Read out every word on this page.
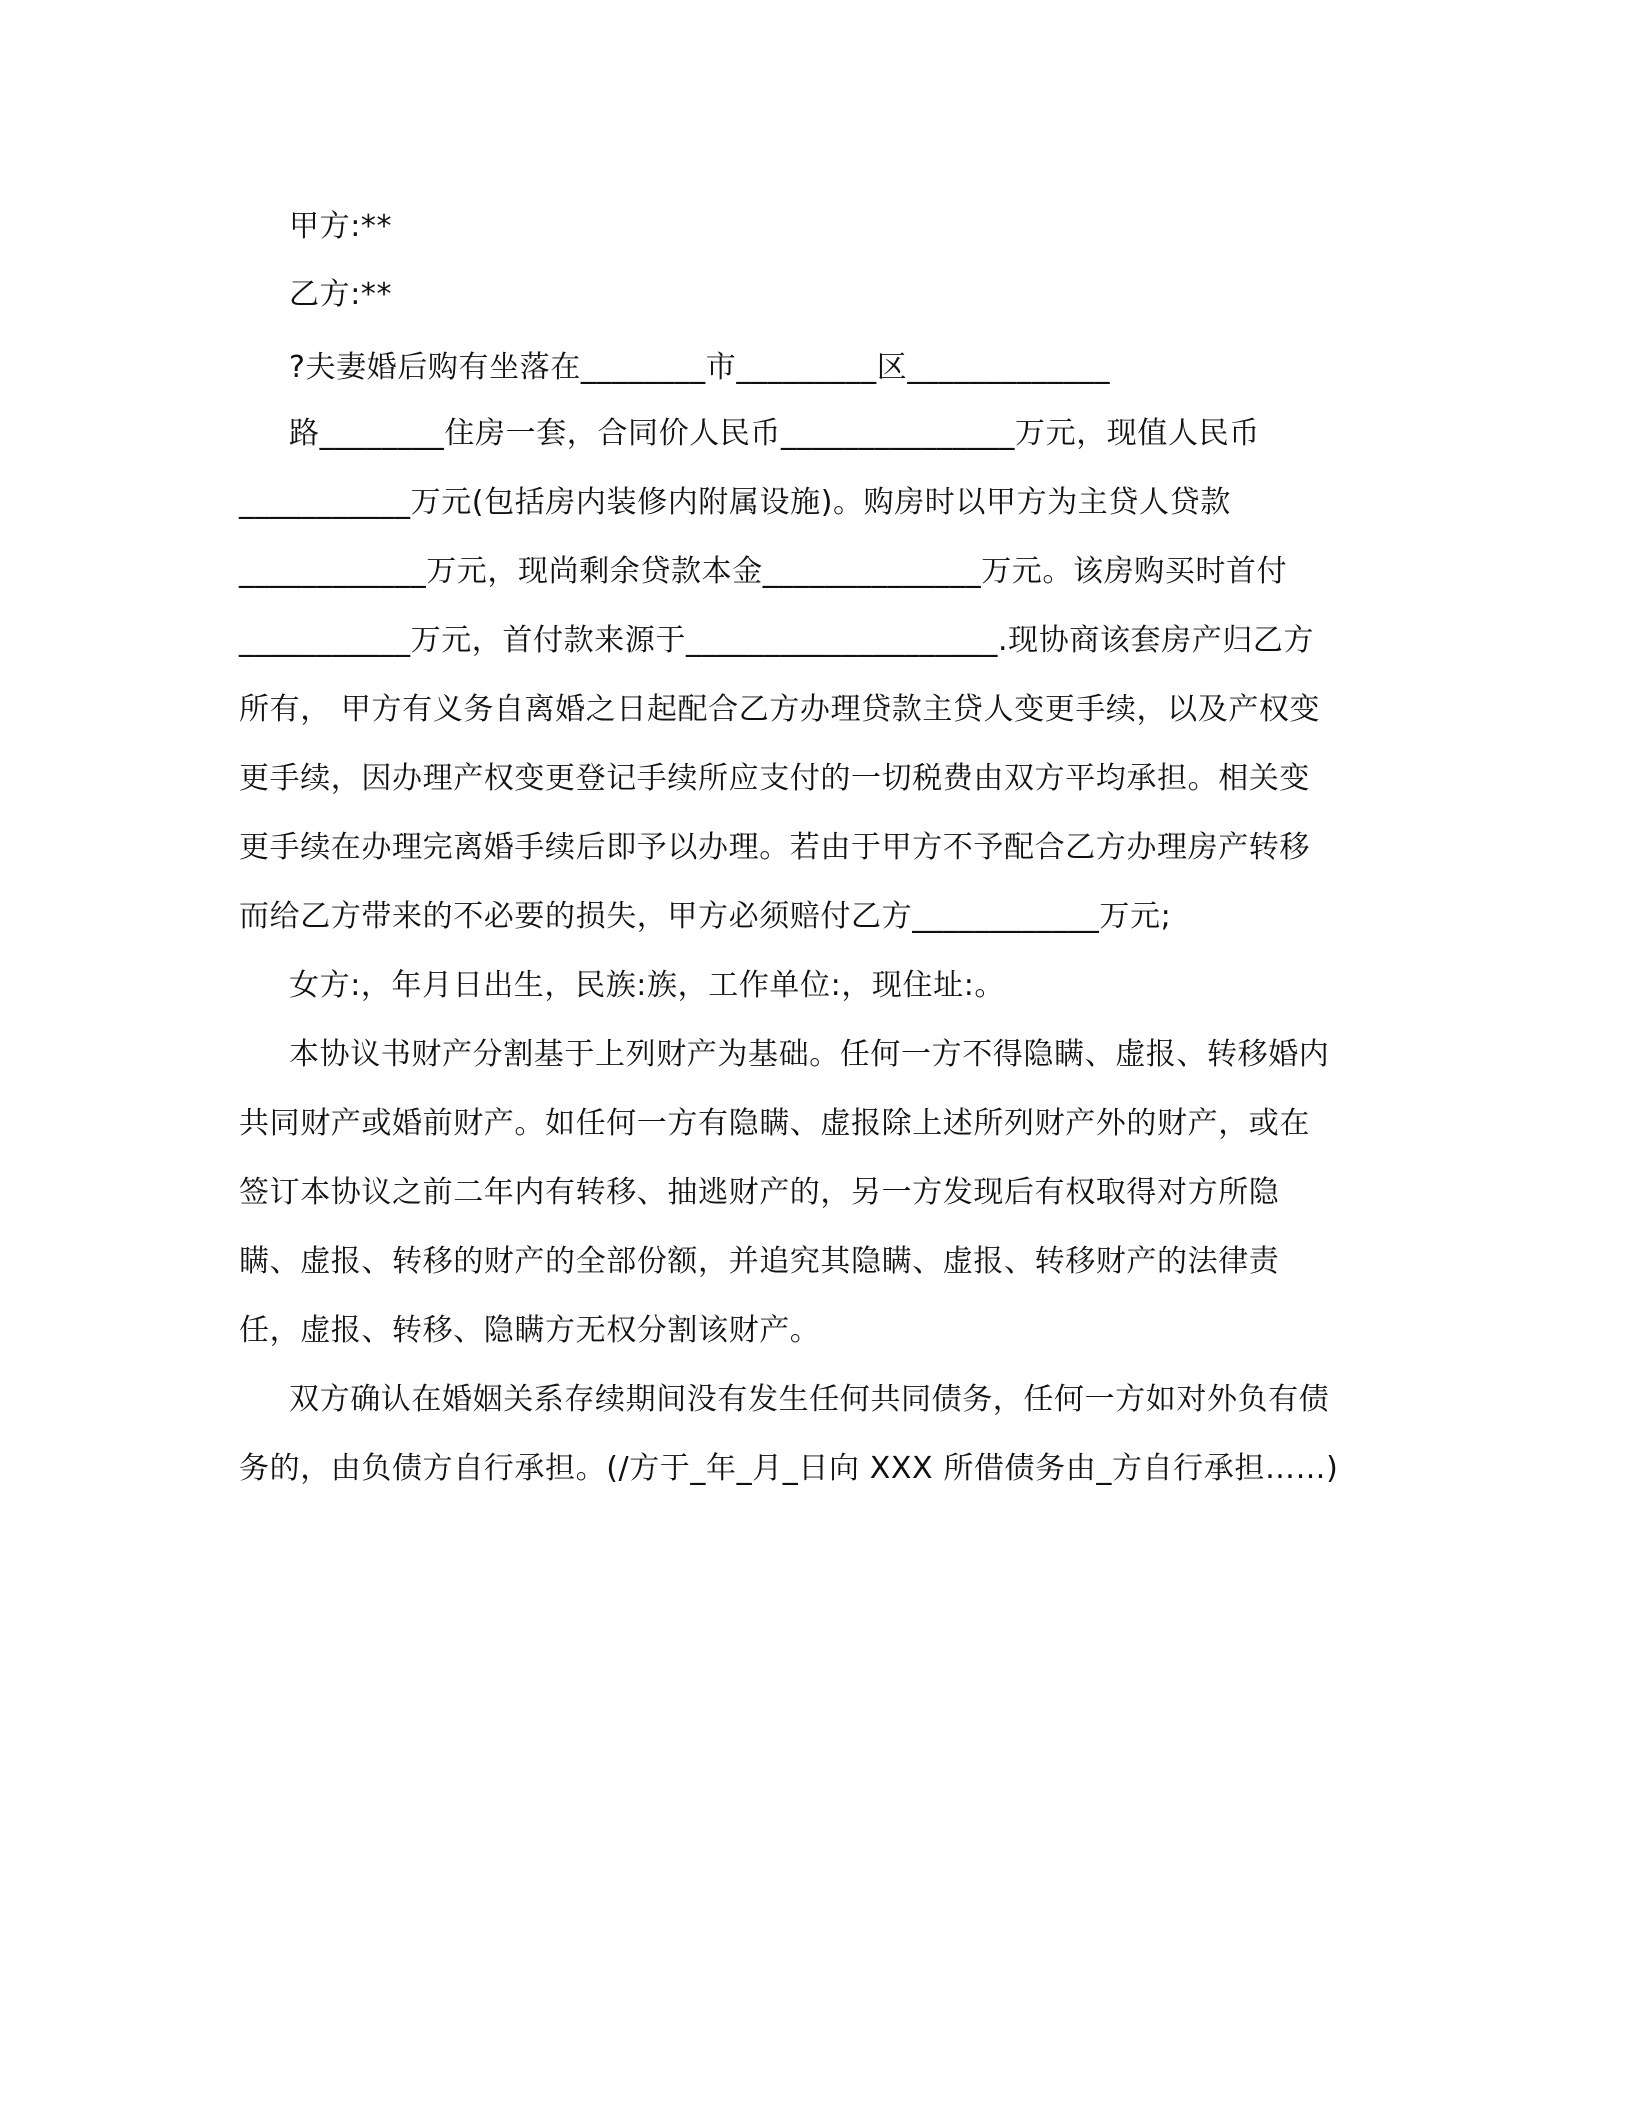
甲方:**
乙方:**
?夫妻婚后购有坐落在________市_________区_____________
路________住房一套，合同价人民币_______________万元，现值人民币
___________万元(包括房内装修内附属设施)。购房时以甲方为主贷人贷款
____________万元，现尚剩余贷款本金______________万元。该房购买时首付
___________万元，首付款来源于____________________.现协商该套房产归乙方
所有， 甲方有义务自离婚之日起配合乙方办理贷款主贷人变更手续，以及产权变
更手续，因办理产权变更登记手续所应支付的一切税费由双方平均承担。相关变
更手续在办理完离婚手续后即予以办理。若由于甲方不予配合乙方办理房产转移
而给乙方带来的不必要的损失，甲方必须赔付乙方____________万元;
女方:，年月日出生，民族:族，工作单位:，现住址:。
本协议书财产分割基于上列财产为基础。任何一方不得隐瞒、虚报、转移婚内
共同财产或婚前财产。如任何一方有隐瞒、虚报除上述所列财产外的财产，或在
签订本协议之前二年内有转移、抽逃财产的，另一方发现后有权取得对方所隐
瞒、虚报、转移的财产的全部份额，并追究其隐瞒、虚报、转移财产的法律责
任，虚报、转移、隐瞒方无权分割该财产。
双方确认在婚姻关系存续期间没有发生任何共同债务，任何一方如对外负有债
务的，由负债方自行承担。(/方于_年_月_日向 XXX 所借债务由_方自行承担……)
